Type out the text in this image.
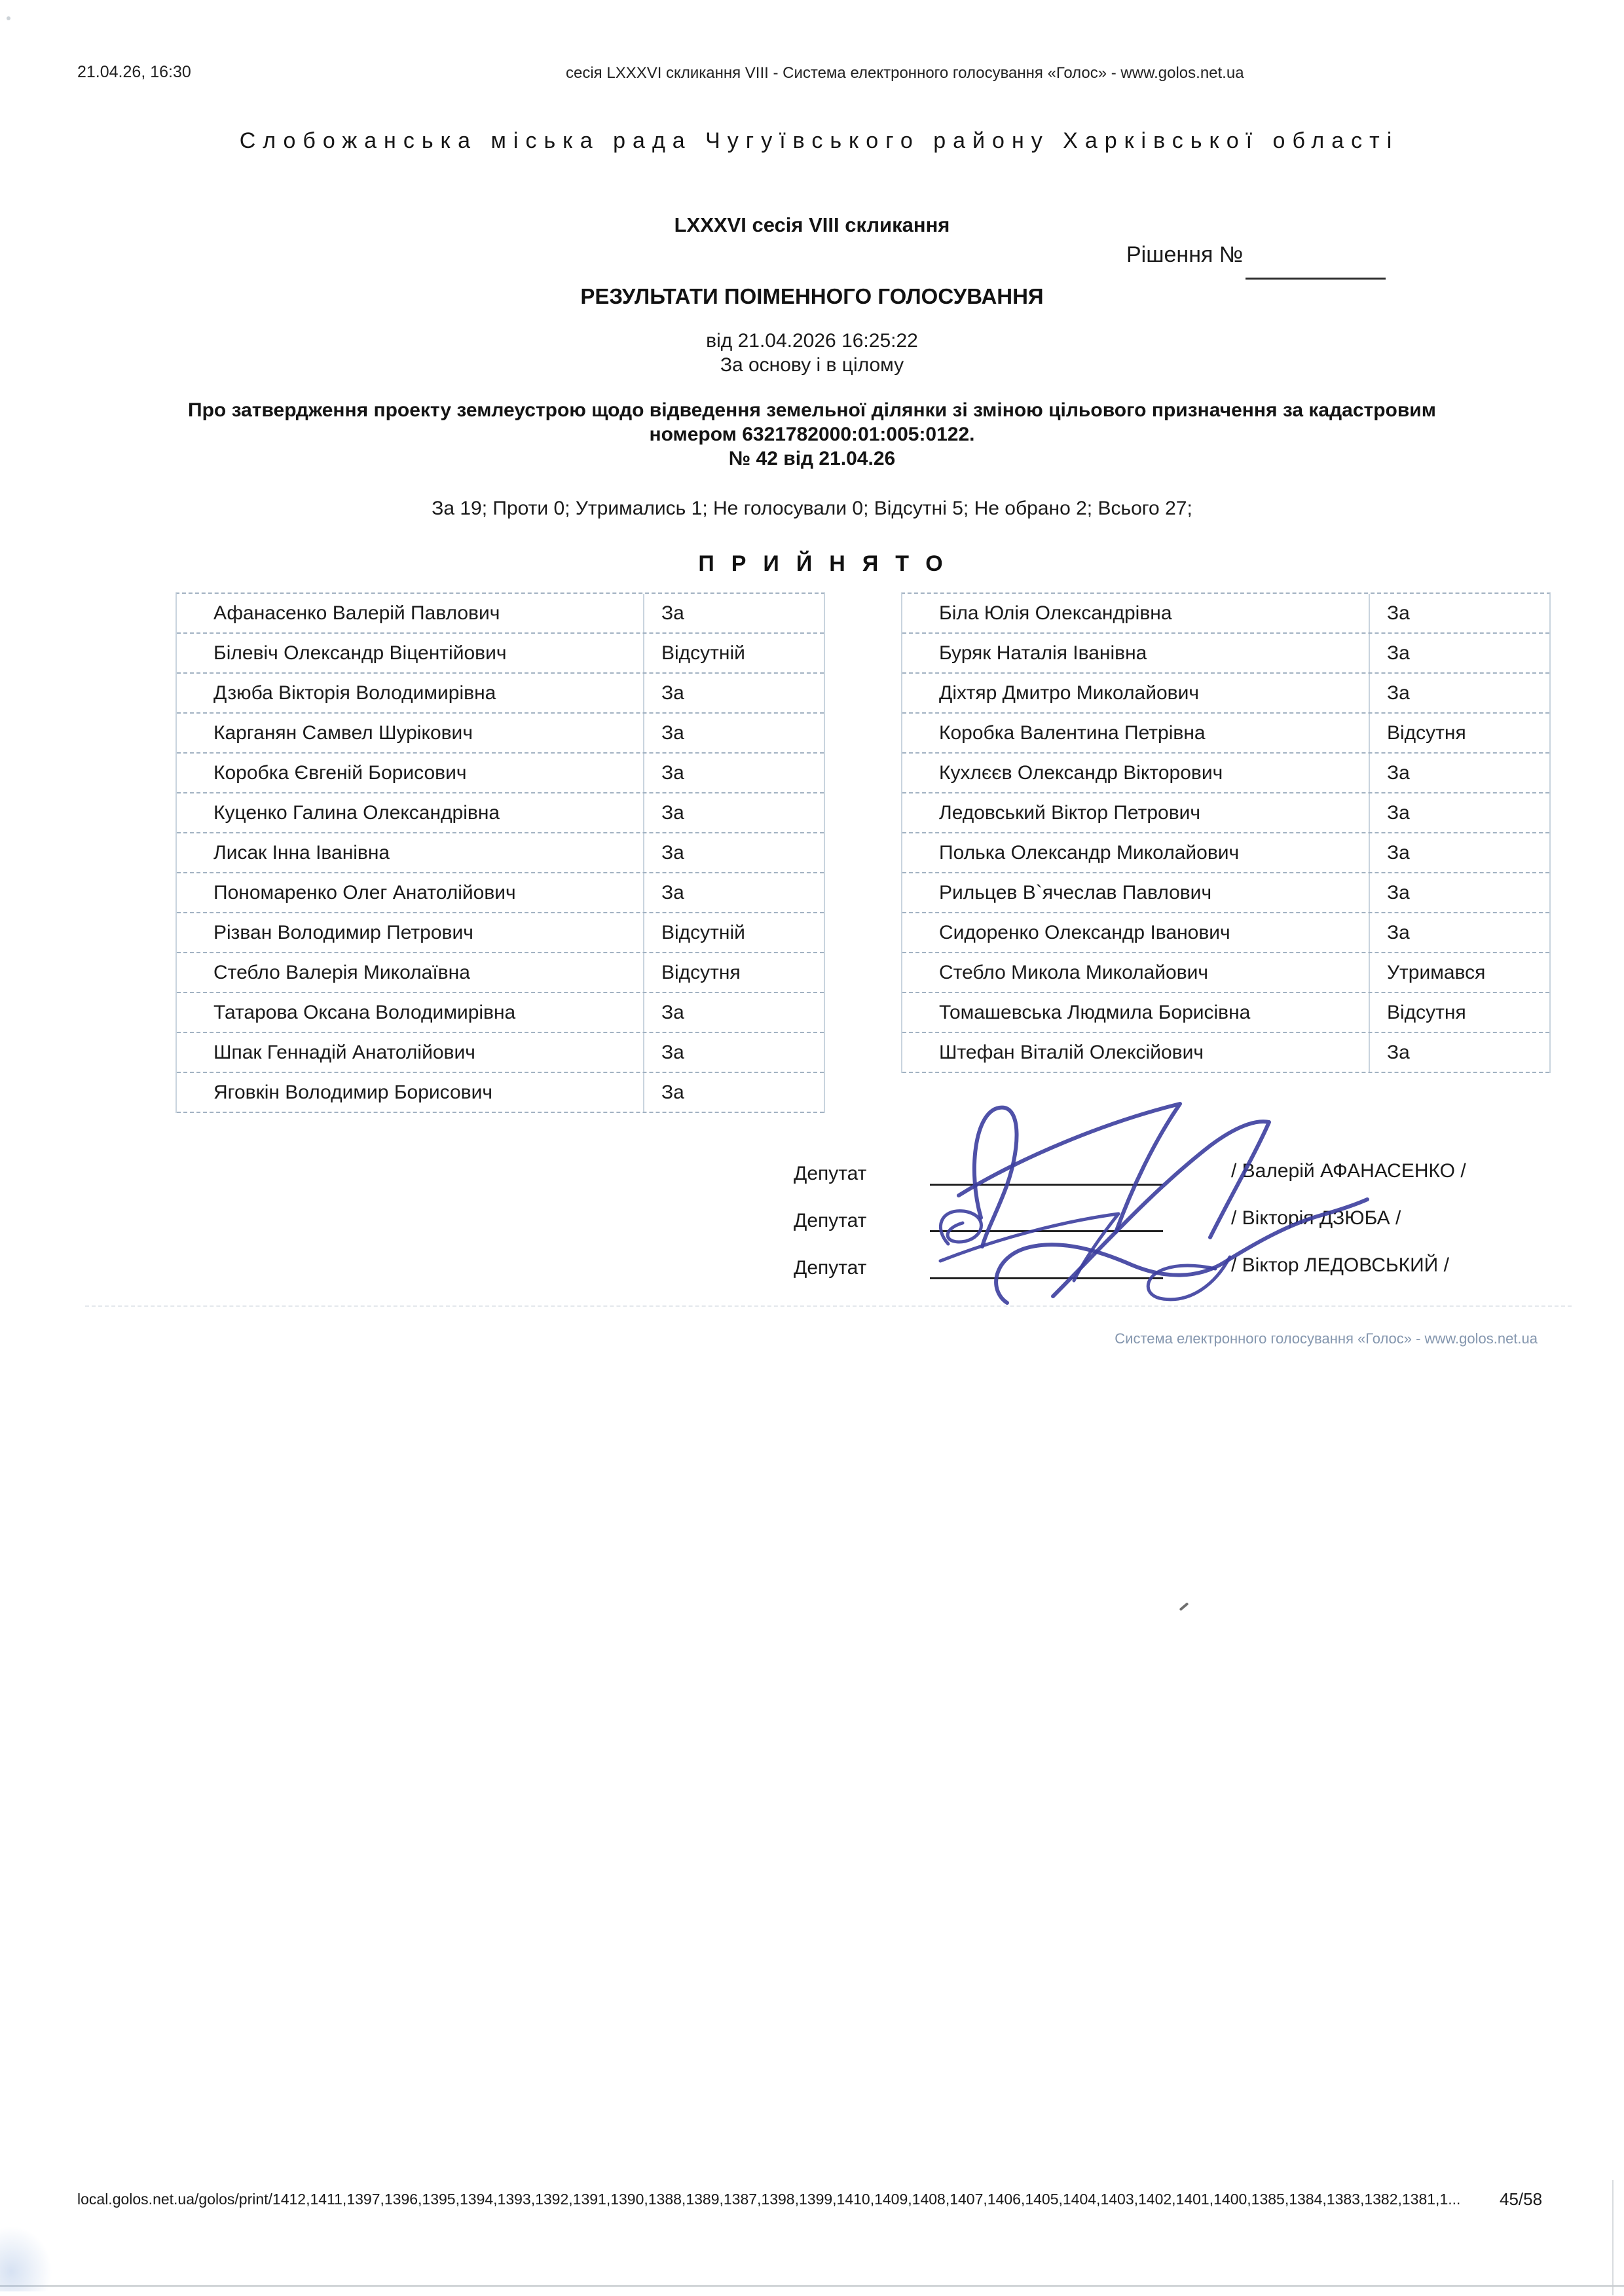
21.04.26, 16:30	сесія LXXXVI скликання VIII - Система електронного голосування «Голос» - www.golos.net.ua
Слобожанська міська рада Чугуївського району Харківської області
LXXXVI сесія VIII скликання
Рішення №
РЕЗУЛЬТАТИ ПОІМЕННОГО ГОЛОСУВАННЯ
від 21.04.2026 16:25:22
За основу і в цілому
Про затвердження проекту землеустрою щодо відведення земельної ділянки зі зміною цільового призначення за кадастровим
номером 6321782000:01:005:0122.
№ 42 від 21.04.26
За 19; Проти 0; Утримались 1; Не голосували 0; Відсутні 5; Не обрано 2; Всього 27;
ПРИЙНЯТО
Афанасенко Валерій Павлович	За
Білевіч Олександр Віцентійович	Відсутній
Дзюба Вікторія Володимирівна	За
Карганян Самвел Шурікович	За
Коробка Євгеній Борисович	За
Куценко Галина Олександрівна	За
Лисак Інна Іванівна	За
Пономаренко Олег Анатолійович	За
Різван Володимир Петрович	Відсутній
Стебло Валерія Миколаївна	Відсутня
Татарова Оксана Володимирівна	За
Шпак Геннадій Анатолійович	За
Яговкін Володимир Борисович	За
Біла Юлія Олександрівна	За
Буряк Наталія Іванівна	За
Діхтяр Дмитро Миколайович	За
Коробка Валентина Петрівна	Відсутня
Кухлєєв Олександр Вікторович	За
Ледовський Віктор Петрович	За
Полька Олександр Миколайович	За
Рильцев В`ячеслав Павлович	За
Сидоренко Олександр Іванович	За
Стебло Микола Миколайович	Утримався
Томашевська Людмила Борисівна	Відсутня
Штефан Віталій Олексійович	За
Депутат	/ Валерій АФАНАСЕНКО /
Депутат	/ Вікторія ДЗЮБА /
Депутат	/ Віктор ЛЕДОВСЬКИЙ /
Система електронного голосування «Голос» - www.golos.net.ua
local.golos.net.ua/golos/print/1412,1411,1397,1396,1395,1394,1393,1392,1391,1390,1388,1389,1387,1398,1399,1410,1409,1408,1407,1406,1405,1404,1403,1402,1401,1400,1385,1384,1383,1382,1381,1... 45/58
